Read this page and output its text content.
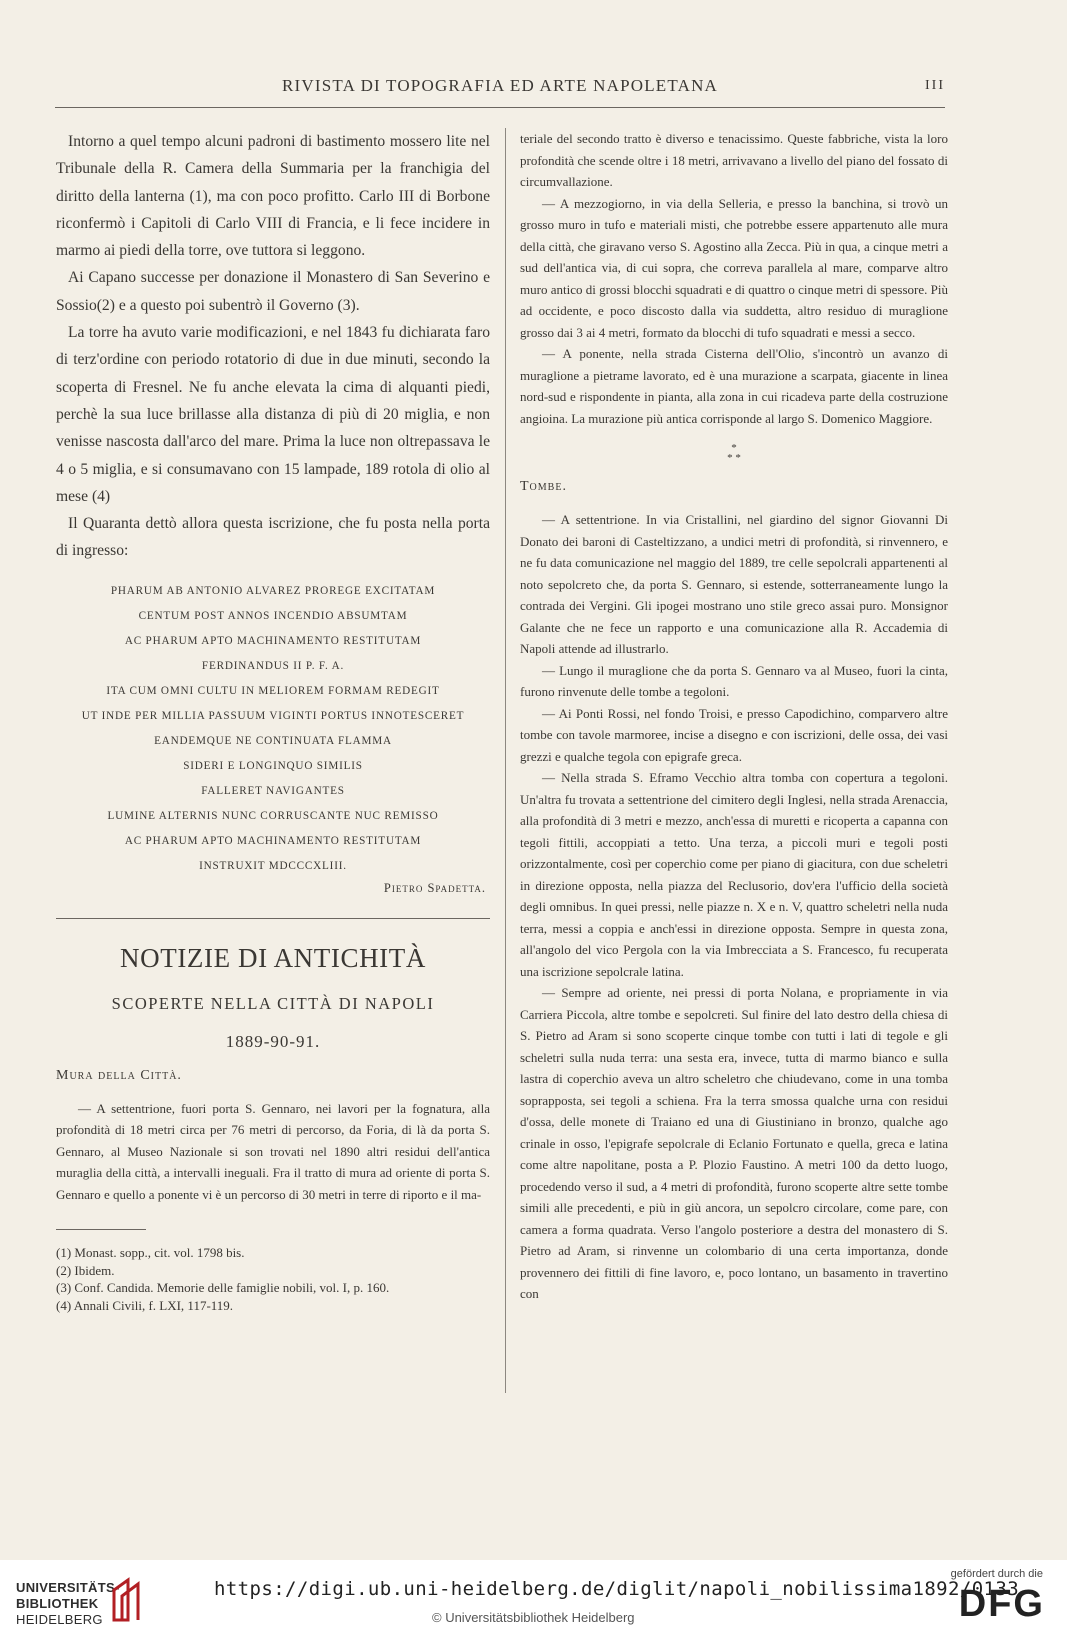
RIVISTA DI TOPOGRAFIA ED ARTE NAPOLETANA	III

Intorno a quel tempo alcuni padroni di bastimento mossero lite nel Tribunale della R. Camera della Summaria per la franchigia del diritto della lanterna (1), ma con poco profitto. Carlo III di Borbone riconfermò i Capitoli di Carlo VIII di Francia, e li fece incidere in marmo ai piedi della torre, ove tuttora si leggono.

Ai Capano successe per donazione il Monastero di San Severino e Sossio(2) e a questo poi subentrò il Governo (3).

La torre ha avuto varie modificazioni, e nel 1843 fu dichiarata faro di terz'ordine con periodo rotatorio di due in due minuti, secondo la scoperta di Fresnel. Ne fu anche elevata la cima di alquanti piedi, perchè la sua luce brillasse alla distanza di più di 20 miglia, e non venisse nascosta dall'arco del mare. Prima la luce non oltrepassava le 4 o 5 miglia, e si consumavano con 15 lampade, 189 rotola di olio al mese (4)

Il Quaranta dettò allora questa iscrizione, che fu posta nella porta di ingresso:

PHARUM AB ANTONIO ALVAREZ PROREGE EXCITATAM
CENTUM POST ANNOS INCENDIO ABSUMTAM
AC PHARUM APTO MACHINAMENTO RESTITUTAM
FERDINANDUS II P. F. A.
ITA CUM OMNI CULTU IN MELIOREM FORMAM REDEGIT
UT INDE PER MILLIA PASSUUM VIGINTI PORTUS INNOTESCERET
EANDEMQUE NE CONTINUATA FLAMMA
SIDERI E LONGINQUO SIMILIS
FALLERET NAVIGANTES
LUMINE ALTERNIS NUNC CORRUSCANTE NUC REMISSO
AC PHARUM APTO MACHINAMENTO RESTITUTAM
INSTRUXIT MDCCCXLIII.
Pietro Spadetta.
NOTIZIE DI ANTICHITÀ
SCOPERTE NELLA CITTÀ DI NAPOLI
1889-90-91.
Mura della Città.

— A settentrione, fuori porta S. Gennaro, nei lavori per la fognatura, alla profondità di 18 metri circa per 76 metri di percorso, da Foria, di là da porta S. Gennaro, al Museo Nazionale si son trovati nel 1890 altri residui dell'antica muraglia della città, a intervalli ineguali. Fra il tratto di mura ad oriente di porta S. Gennaro e quello a ponente vi è un percorso di 30 metri in terre di riporto e il ma-

(1) Monast. sopp., cit. vol. 1798 bis.
(2) Ibidem.
(3) Conf. Candida. Memorie delle famiglie nobili, vol. I, p. 160.
(4) Annali Civili, f. LXI, 117-119.

teriale del secondo tratto è diverso e tenacissimo. Queste fabbriche, vista la loro profondità che scende oltre i 18 metri, arrivavano a livello del piano del fossato di circumvallazione.

— A mezzogiorno, in via della Selleria, e presso la banchina, si trovò un grosso muro in tufo e materiali misti, che potrebbe essere appartenuto alle mura della città, che giravano verso S. Agostino alla Zecca. Più in qua, a cinque metri a sud dell'antica via, di cui sopra, che correva parallela al mare, comparve altro muro antico di grossi blocchi squadrati e di quattro o cinque metri di spessore. Più ad occidente, e poco discosto dalla via suddetta, altro residuo di muraglione grosso dai 3 ai 4 metri, formato da blocchi di tufo squadrati e messi a secco.

— A ponente, nella strada Cisterna dell'Olio, s'incontrò un avanzo di muraglione a pietrame lavorato, ed è una murazione a scarpata, giacente in linea nord-sud e rispondente in pianta, alla zona in cui ricadeva parte della costruzione angioina. La murazione più antica corrisponde al largo S. Domenico Maggiore.

*
* *
Tombe.

— A settentrione. In via Cristallini, nel giardino del signor Giovanni Di Donato dei baroni di Casteltizzano, a undici metri di profondità, si rinvennero, e ne fu data comunicazione nel maggio del 1889, tre celle sepolcrali appartenenti al noto sepolcreto che, da porta S. Gennaro, si estende, sotterraneamente lungo la contrada dei Vergini. Gli ipogei mostrano uno stile greco assai puro. Monsignor Galante che ne fece un rapporto e una comunicazione alla R. Accademia di Napoli attende ad illustrarlo.

— Lungo il muraglione che da porta S. Gennaro va al Museo, fuori la cinta, furono rinvenute delle tombe a tegoloni.

— Ai Ponti Rossi, nel fondo Troisi, e presso Capodichino, comparvero altre tombe con tavole marmoree, incise a disegno e con iscrizioni, delle ossa, dei vasi grezzi e qualche tegola con epigrafe greca.

— Nella strada S. Eframo Vecchio altra tomba con copertura a tegoloni. Un'altra fu trovata a settentrione del cimitero degli Inglesi, nella strada Arenaccia, alla profondità di 3 metri e mezzo, anch'essa di muretti e ricoperta a capanna con tegoli fittili, accoppiati a tetto. Una terza, a piccoli muri e tegoli posti orizzontalmente, così per coperchio come per piano di giacitura, con due scheletri in direzione opposta, nella piazza del Reclusorio, dov'era l'ufficio della società degli omnibus. In quei pressi, nelle piazze n. X e n. V, quattro scheletri nella nuda terra, messi a coppia e anch'essi in direzione opposta. Sempre in questa zona, all'angolo del vico Pergola con la via Imbrecciata a S. Francesco, fu recuperata una iscrizione sepolcrale latina.

— Sempre ad oriente, nei pressi di porta Nolana, e propriamente in via Carriera Piccola, altre tombe e sepolcreti. Sul finire del lato destro della chiesa di S. Pietro ad Aram si sono scoperte cinque tombe con tutti i lati di tegole e gli scheletri sulla nuda terra: una sesta era, invece, tutta di marmo bianco e sulla lastra di coperchio aveva un altro scheletro che chiudevano, come in una tomba soprapposta, sei tegoli a schiena. Fra la terra smossa qualche urna con residui d'ossa, delle monete di Traiano ed una di Giustiniano in bronzo, qualche ago crinale in osso, l'epigrafe sepolcrale di Eclanio Fortunato e quella, greca e latina come altre napolitane, posta a P. Plozio Faustino. A metri 100 da detto luogo, procedendo verso il sud, a 4 metri di profondità, furono scoperte altre sette tombe simili alle precedenti, e più in giù ancora, un sepolcro circolare, come pare, con camera a forma quadrata. Verso l'angolo posteriore a destra del monastero di S. Pietro ad Aram, si rinvenne un colombario di una certa importanza, donde provennero dei fittili di fine lavoro, e, poco lontano, un basamento in travertino con

UNIVERSITÄTS-
BIBLIOTHEK
HEIDELBERG
https://digi.ub.uni-heidelberg.de/diglit/napoli_nobilissima1892/0133
© Universitätsbibliothek Heidelberg
gefördert durch die
DFG
